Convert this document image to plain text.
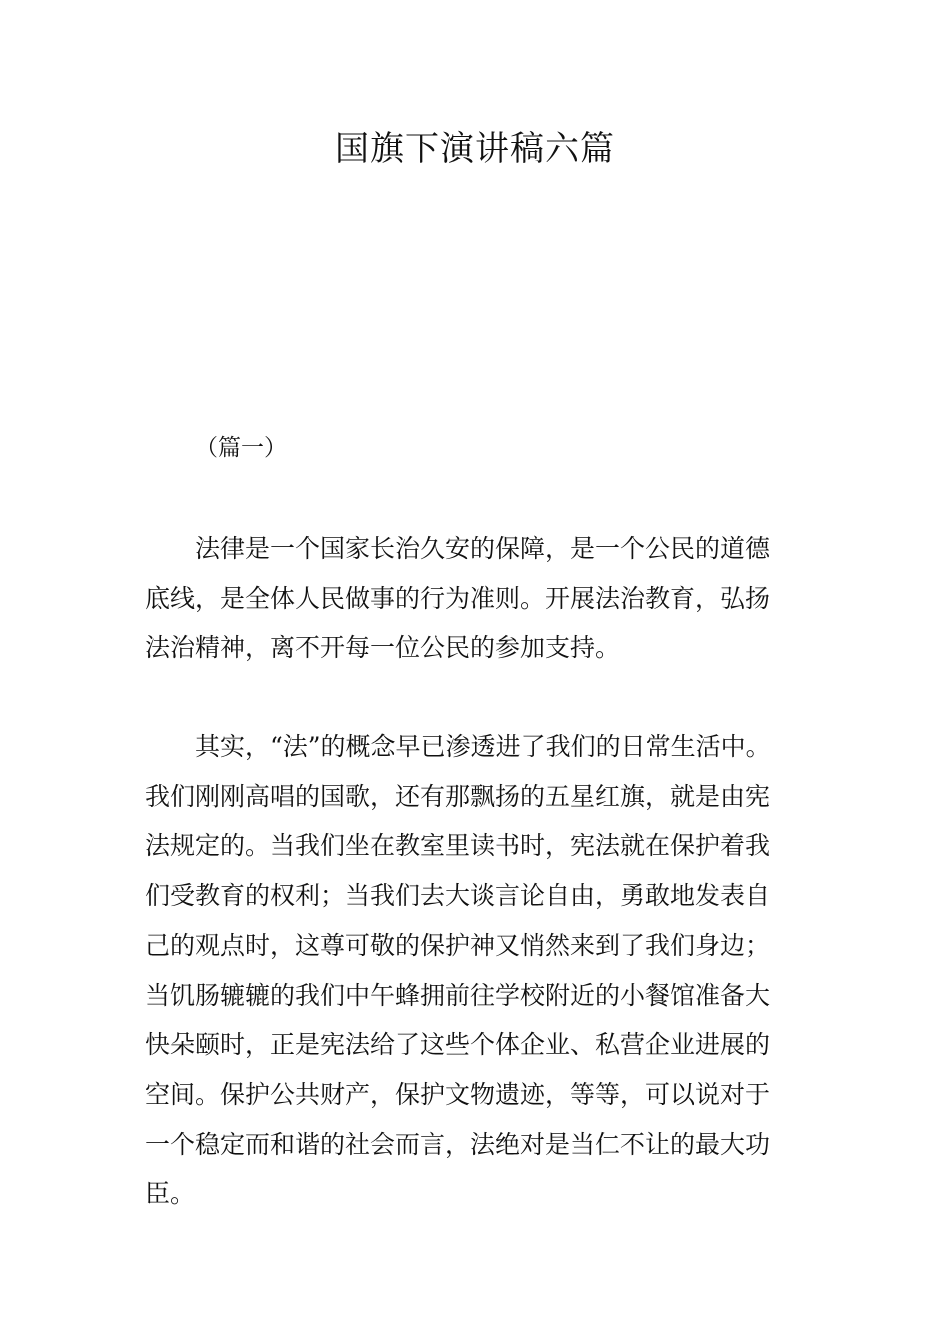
国旗下演讲稿六篇
（篇一）
法律是一个国家长治久安的保障，是一个公民的道德
底线，是全体人民做事的行为准则。开展法治教育，弘扬
法治精神，离不开每一位公民的参加支持。
其实，“法”的概念早已渗透进了我们的日常生活中。
我们刚刚高唱的国歌，还有那飘扬的五星红旗，就是由宪
法规定的。当我们坐在教室里读书时，宪法就在保护着我
们受教育的权利；当我们去大谈言论自由，勇敢地发表自
己的观点时，这尊可敬的保护神又悄然来到了我们身边；
当饥肠辘辘的我们中午蜂拥前往学校附近的小餐馆准备大
快朵颐时，正是宪法给了这些个体企业、私营企业进展的
空间。保护公共财产，保护文物遗迹，等等，可以说对于
一个稳定而和谐的社会而言，法绝对是当仁不让的最大功
臣。
